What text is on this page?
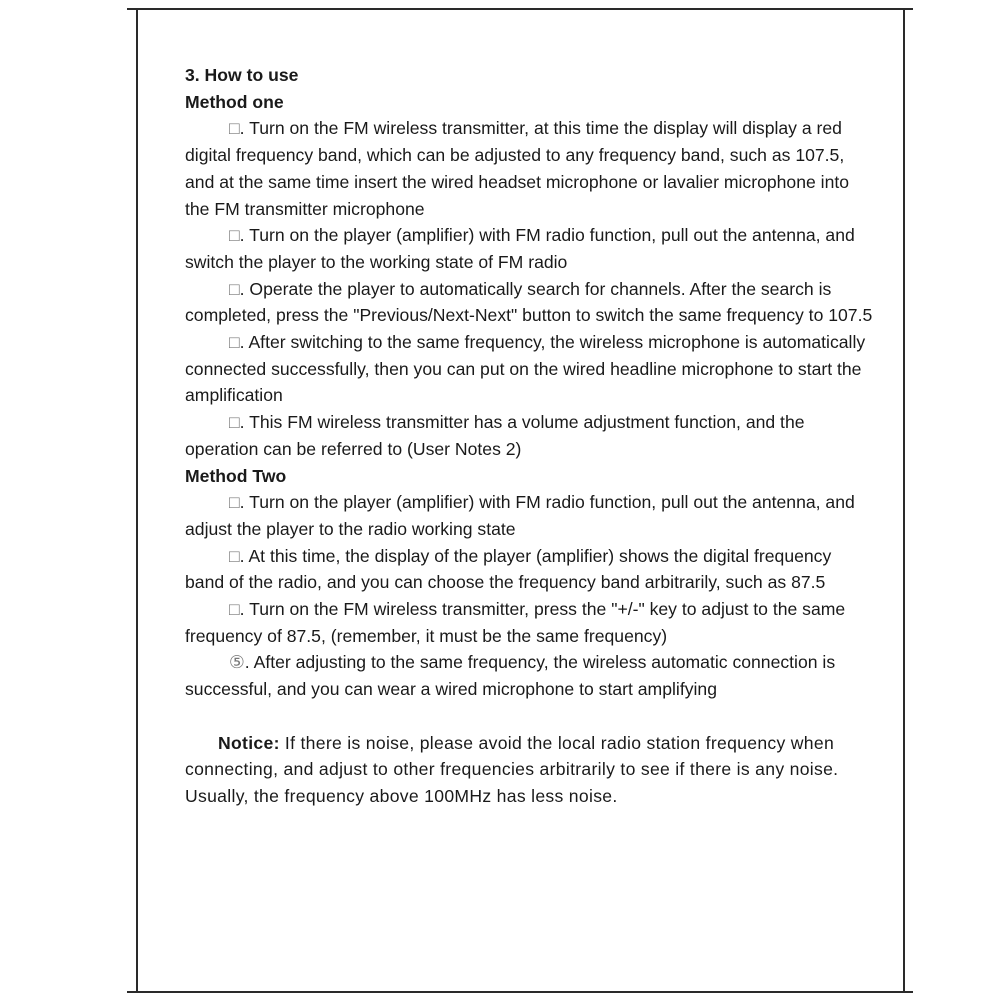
3. How to use

Method one

□. Turn on the FM wireless transmitter, at this time the display will display a red digital frequency band, which can be adjusted to any frequency band, such as 107.5, and at the same time insert the wired headset microphone or lavalier microphone into the FM transmitter microphone

□. Turn on the player (amplifier) with FM radio function, pull out the antenna, and switch the player to the working state of FM radio

□. Operate the player to automatically search for channels. After the search is completed, press the "Previous/Next-Next" button to switch the same frequency to 107.5

□. After switching to the same frequency, the wireless microphone is automatically connected successfully, then you can put on the wired headline microphone to start the amplification

□. This FM wireless transmitter has a volume adjustment function, and the operation can be referred to (User Notes 2)

Method Two

□. Turn on the player (amplifier) with FM radio function, pull out the antenna, and adjust the player to the radio working state

□. At this time, the display of the player (amplifier) shows the digital frequency band of the radio, and you can choose the frequency band arbitrarily, such as 87.5

□. Turn on the FM wireless transmitter, press the "+/-" key to adjust to the same frequency of 87.5, (remember, it must be the same frequency)

⑤. After adjusting to the same frequency, the wireless automatic connection is successful, and you can wear a wired microphone to start amplifying

Notice: If there is noise, please avoid the local radio station frequency when connecting, and adjust to other frequencies arbitrarily to see if there is any noise. Usually, the frequency above 100MHz has less noise.
